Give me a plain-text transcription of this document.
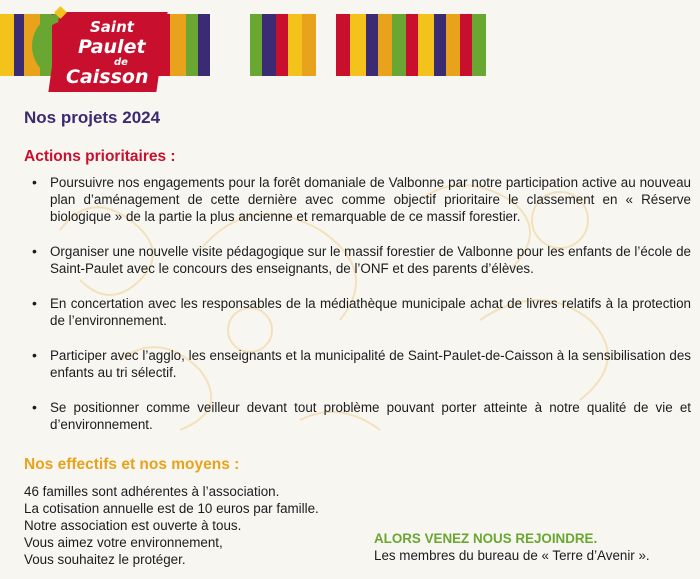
Saint
Paulet
de
Caisson
Nos projets 2024
Actions prioritaires :
• Poursuivre nos engagements pour la forêt domaniale de Valbonne par notre participation active au nouveau plan d’aménagement de cette dernière avec comme objectif prioritaire le classement en « Réserve biologique » de la partie la plus ancienne et remarquable de ce massif forestier.
• Organiser une nouvelle visite pédagogique sur le massif forestier de Valbonne pour les enfants de l’école de Saint-Paulet avec le concours des enseignants, de l’ONF et des parents d’élèves.
• En concertation avec les responsables de la médiathèque municipale achat de livres relatifs à la protection de l’environnement.
• Participer avec l’agglo, les enseignants et la municipalité de Saint-Paulet-de-Caisson à la sensibilisation des enfants au tri sélectif.
• Se positionner comme veilleur devant tout problème pouvant porter atteinte à notre qualité de vie et d’environnement.
Nos effectifs et nos moyens :
46 familles sont adhérentes à l’association.
La cotisation annuelle est de 10 euros par famille.
Notre association est ouverte à tous.
Vous aimez votre environnement,
Vous souhaitez le protéger.
ALORS VENEZ NOUS REJOINDRE.
Les membres du bureau de « Terre d’Avenir ».
